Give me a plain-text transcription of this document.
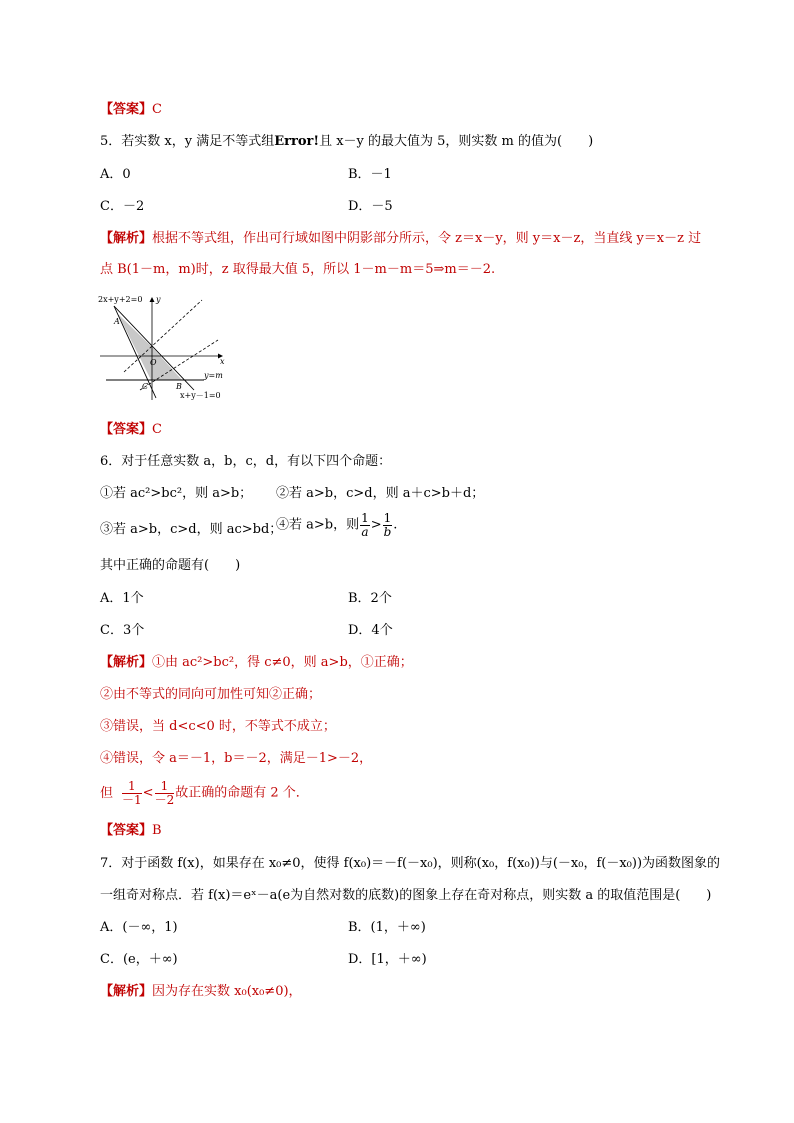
【答案】C
5．若实数 x，y 满足不等式组Error!且 x－y 的最大值为 5，则实数 m 的值为(　　)
A．0	B．－1
C．－2	D．－5
【解析】根据不等式组，作出可行域如图中阴影部分所示，令 z＝x－y，则 y＝x－z，当直线 y＝x－z 过
点 B(1－m，m)时，z 取得最大值 5，所以 1－m－m＝5⇒m＝－2.
2x+y+2=0 y
x
A
O
C	B
y=m
x+y－1=0
【答案】C
6．对于任意实数 a，b，c，d，有以下四个命题：
①若 ac²>bc²，则 a>b； ②若 a>b，c>d，则 a＋c>b＋d；
③若 a>b，c>d，则 ac>bd；
④若 a>b，则 $\frac{1}{a} > \frac{1}{b}$ .
其中正确的命题有(　　)
A．1个	B．2个
C．3个	D．4个
【解析】①由 ac²>bc²，得 c≠0，则 a>b，①正确；
②由不等式的同向可加性可知②正确；
③错误，当 d<c<0 时，不等式不成立；
④错误，令 a＝－1，b＝－2，满足－1>－2，
但 $\frac{1}{-1} < \frac{1}{-2}$ 故正确的命题有 2 个．
【答案】B
7．对于函数 f(x)，如果存在 x₀≠0，使得 f(x₀)＝－f(－x₀)，则称(x₀，f(x₀))与(－x₀，f(－x₀))为函数图象的
一组奇对称点．若 f(x)＝eˣ－a(e为自然对数的底数)的图象上存在奇对称点，则实数 a 的取值范围是(　　)
A．(－∞，1)	B．(1，＋∞)
C．(e，＋∞)	D．[1，＋∞)
【解析】因为存在实数 x₀(x₀≠0)，
